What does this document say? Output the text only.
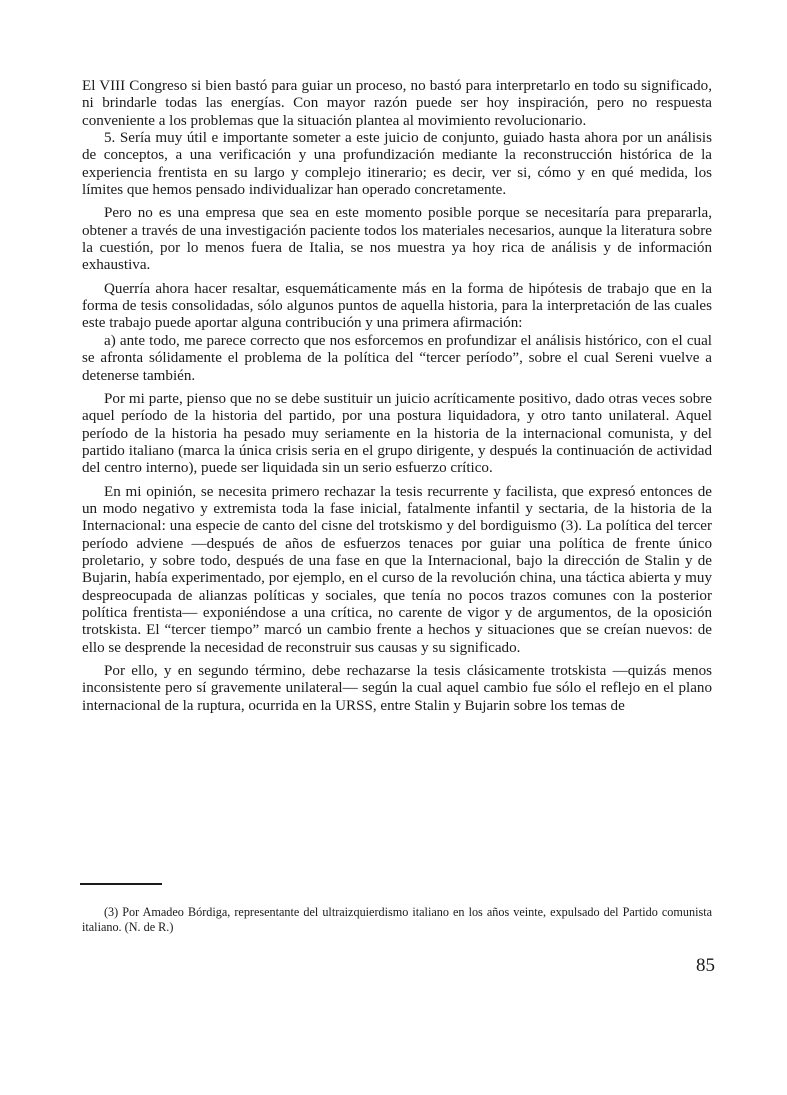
El VIII Congreso si bien bastó para guiar un proceso, no bastó para interpretarlo en todo su significado, ni brindarle todas las energías. Con mayor razón puede ser hoy inspiración, pero no respuesta conveniente a los problemas que la situación plantea al movimiento revolucionario.

5. Sería muy útil e importante someter a este juicio de conjunto, guiado hasta ahora por un análisis de conceptos, a una verificación y una profundización mediante la reconstrucción histórica de la experiencia frentista en su largo y complejo itinerario; es decir, ver si, cómo y en qué medida, los límites que hemos pensado individualizar han operado concretamente.

Pero no es una empresa que sea en este momento posible porque se necesitaría para prepararla, obtener a través de una investigación paciente todos los materiales necesarios, aunque la literatura sobre la cuestión, por lo menos fuera de Italia, se nos muestra ya hoy rica de análisis y de información exhaustiva.

Querría ahora hacer resaltar, esquemáticamente más en la forma de hipótesis de trabajo que en la forma de tesis consolidadas, sólo algunos puntos de aquella historia, para la interpretación de las cuales este trabajo puede aportar alguna contribución y una primera afirmación:

a) ante todo, me parece correcto que nos esforcemos en profundizar el análisis histórico, con el cual se afronta sólidamente el problema de la política del “tercer período”, sobre el cual Sereni vuelve a detenerse también.

Por mi parte, pienso que no se debe sustituir un juicio acríticamente positivo, dado otras veces sobre aquel período de la historia del partido, por una postura liquidadora, y otro tanto unilateral. Aquel período de la historia ha pesado muy seriamente en la historia de la internacional comunista, y del partido italiano (marca la única crisis seria en el grupo dirigente, y después la continuación de actividad del centro interno), puede ser liquidada sin un serio esfuerzo crítico.

En mi opinión, se necesita primero rechazar la tesis recurrente y facilista, que expresó entonces de un modo negativo y extremista toda la fase inicial, fatalmente infantil y sectaria, de la historia de la Internacional: una especie de canto del cisne del trotskismo y del bordiguismo (3). La política del tercer período adviene —después de años de esfuerzos tenaces por guiar una política de frente único proletario, y sobre todo, después de una fase en que la Internacional, bajo la dirección de Stalin y de Bujarin, había experimentado, por ejemplo, en el curso de la revolución china, una táctica abierta y muy despreocupada de alianzas políticas y sociales, que tenía no pocos trazos comunes con la posterior política frentista— exponiéndose a una crítica, no carente de vigor y de argumentos, de la oposición trotskista. El “tercer tiempo” marcó un cambio frente a hechos y situaciones que se creían nuevos: de ello se desprende la necesidad de reconstruir sus causas y su significado.

Por ello, y en segundo término, debe rechazarse la tesis clásicamente trotskista —quizás menos inconsistente pero sí gravemente unilateral— según la cual aquel cambio fue sólo el reflejo en el plano internacional de la ruptura, ocurrida en la URSS, entre Stalin y Bujarin sobre los temas de

(3) Por Amadeo Bórdiga, representante del ultraizquierdismo italiano en los años veinte, expulsado del Partido comunista italiano. (N. de R.)

85
